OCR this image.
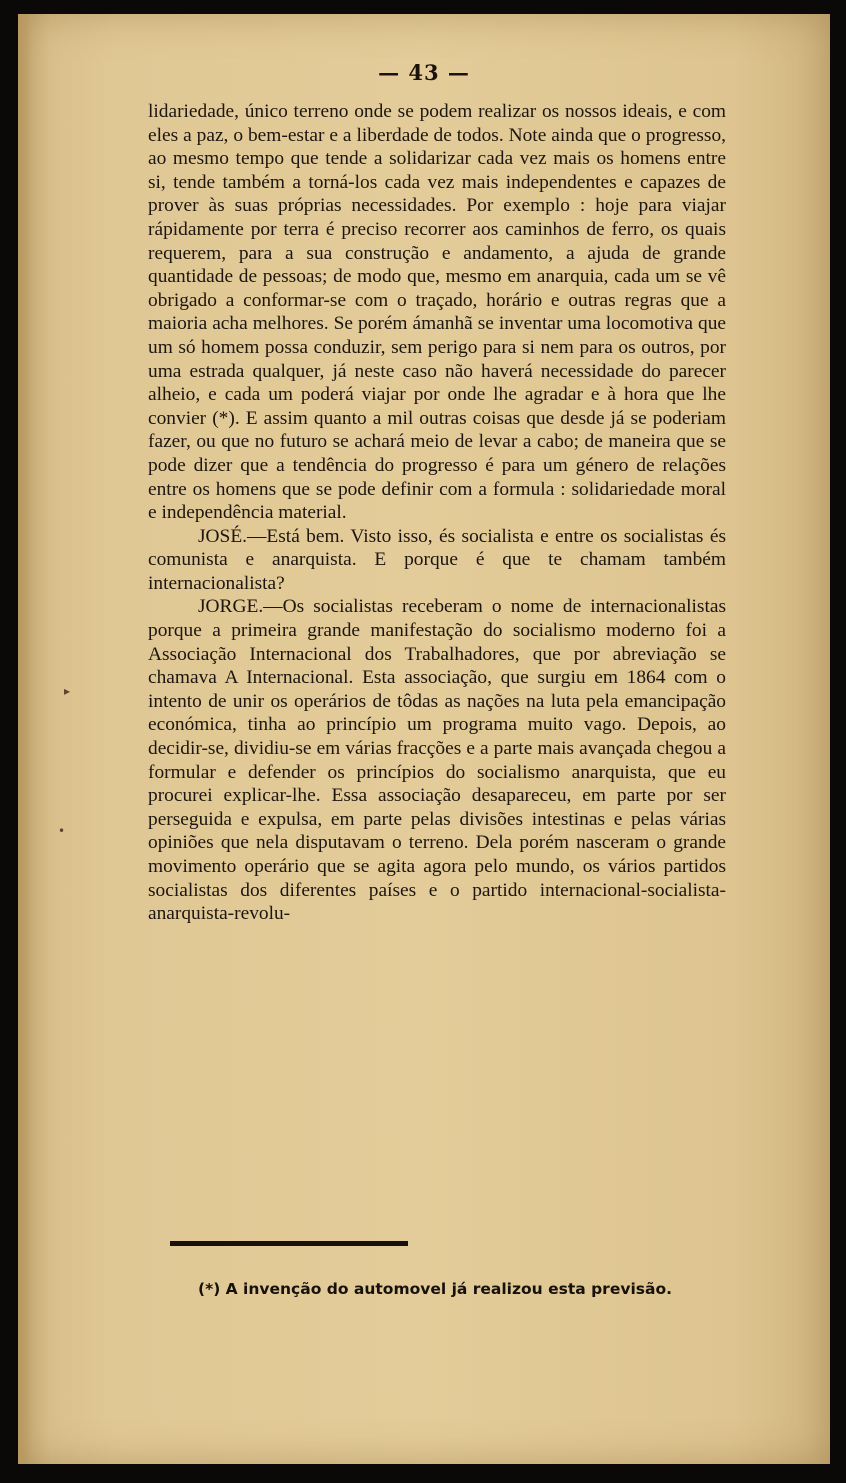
— 43 —

lidariedade, único terreno onde se podem realizar os nossos ideais, e com eles a paz, o bem-estar e a liberdade de todos. Note ainda que o progresso, ao mesmo tempo que tende a solidarizar cada vez mais os homens entre si, tende também a torná-los cada vez mais independentes e capazes de prover às suas próprias necessidades. Por exemplo : hoje para viajar rápidamente por terra é preciso recorrer aos caminhos de ferro, os quais requerem, para a sua construção e andamento, a ajuda de grande quantidade de pessoas; de modo que, mesmo em anarquia, cada um se vê obrigado a conformar-se com o traçado, horário e outras regras que a maioria acha melhores. Se porém ámanhã se inventar uma locomotiva que um só homem possa conduzir, sem perigo para si nem para os outros, por uma estrada qualquer, já neste caso não haverá necessidade do parecer alheio, e cada um poderá viajar por onde lhe agradar e à hora que lhe convier (*). E assim quanto a mil outras coisas que desde já se poderiam fazer, ou que no futuro se achará meio de levar a cabo; de maneira que se pode dizer que a tendência do progresso é para um género de relações entre os homens que se pode definir com a formula : solidariedade moral e independência material.

JOSÉ.—Está bem. Visto isso, és socialista e entre os socialistas és comunista e anarquista. E porque é que te chamam também internacionalista?

JORGE.—Os socialistas receberam o nome de internacionalistas porque a primeira grande manifestação do socialismo moderno foi a Associação Internacional dos Trabalhadores, que por abreviação se chamava A Internacional. Esta associação, que surgiu em 1864 com o intento de unir os operários de tôdas as nações na luta pela emancipação económica, tinha ao princípio um programa muito vago. Depois, ao decidir-se, dividiu-se em várias fracções e a parte mais avançada chegou a formular e defender os princípios do socialismo anarquista, que eu procurei explicar-lhe. Essa associação desapareceu, em parte por ser perseguida e expulsa, em parte pelas divisões intestinas e pelas várias opiniões que nela disputavam o terreno. Dela porém nasceram o grande movimento operário que se agita agora pelo mundo, os vários partidos socialistas dos diferentes países e o partido internacional-socialista-anarquista-revolu-

(*) A invenção do automovel já realizou esta previsão.
▸
•
